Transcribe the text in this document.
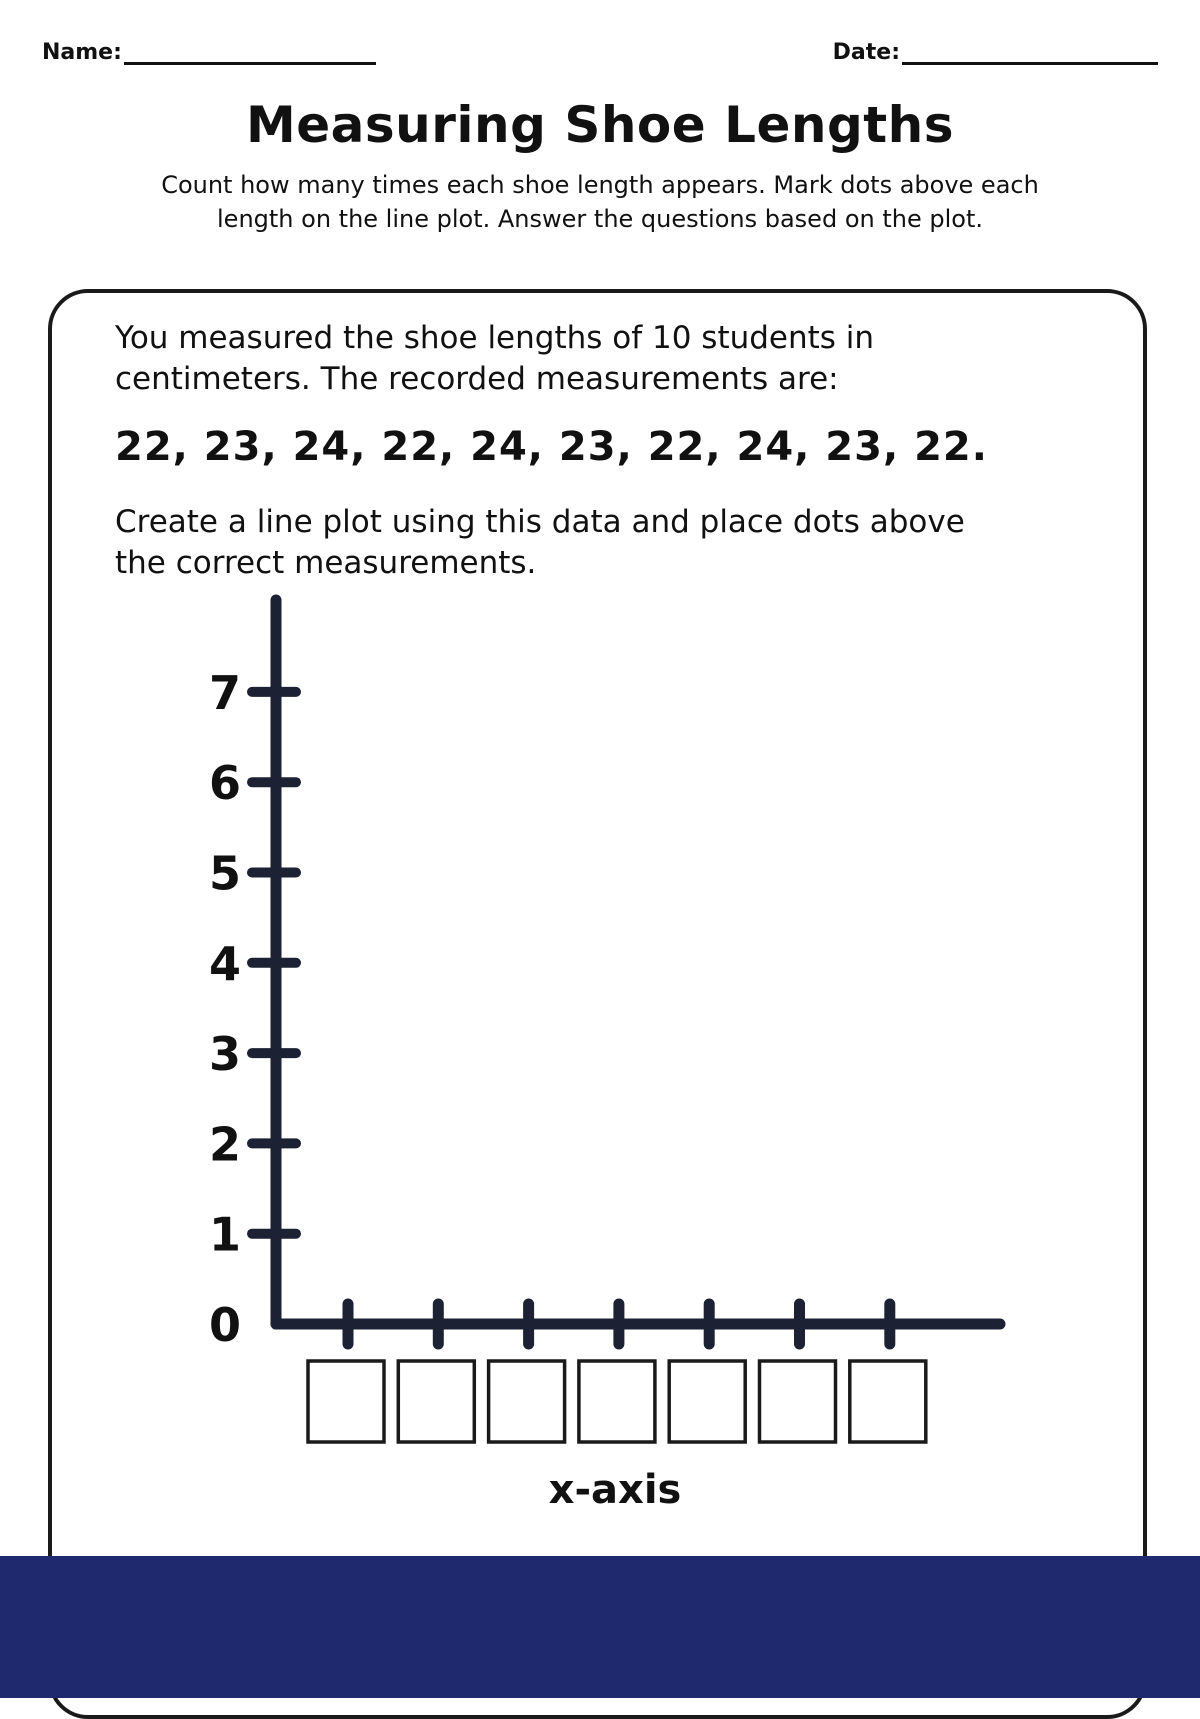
Name:	Date:
Measuring Shoe Lengths
Count how many times each shoe length appears. Mark dots above each length on the line plot. Answer the questions based on the plot.
You measured the shoe lengths of 10 students in centimeters. The recorded measurements are:
22, 23, 24, 22, 24, 23, 22, 24, 23, 22.
Create a line plot using this data and place dots above the correct measurements.
0
1
2
3
4
5
6
7
x-axis
